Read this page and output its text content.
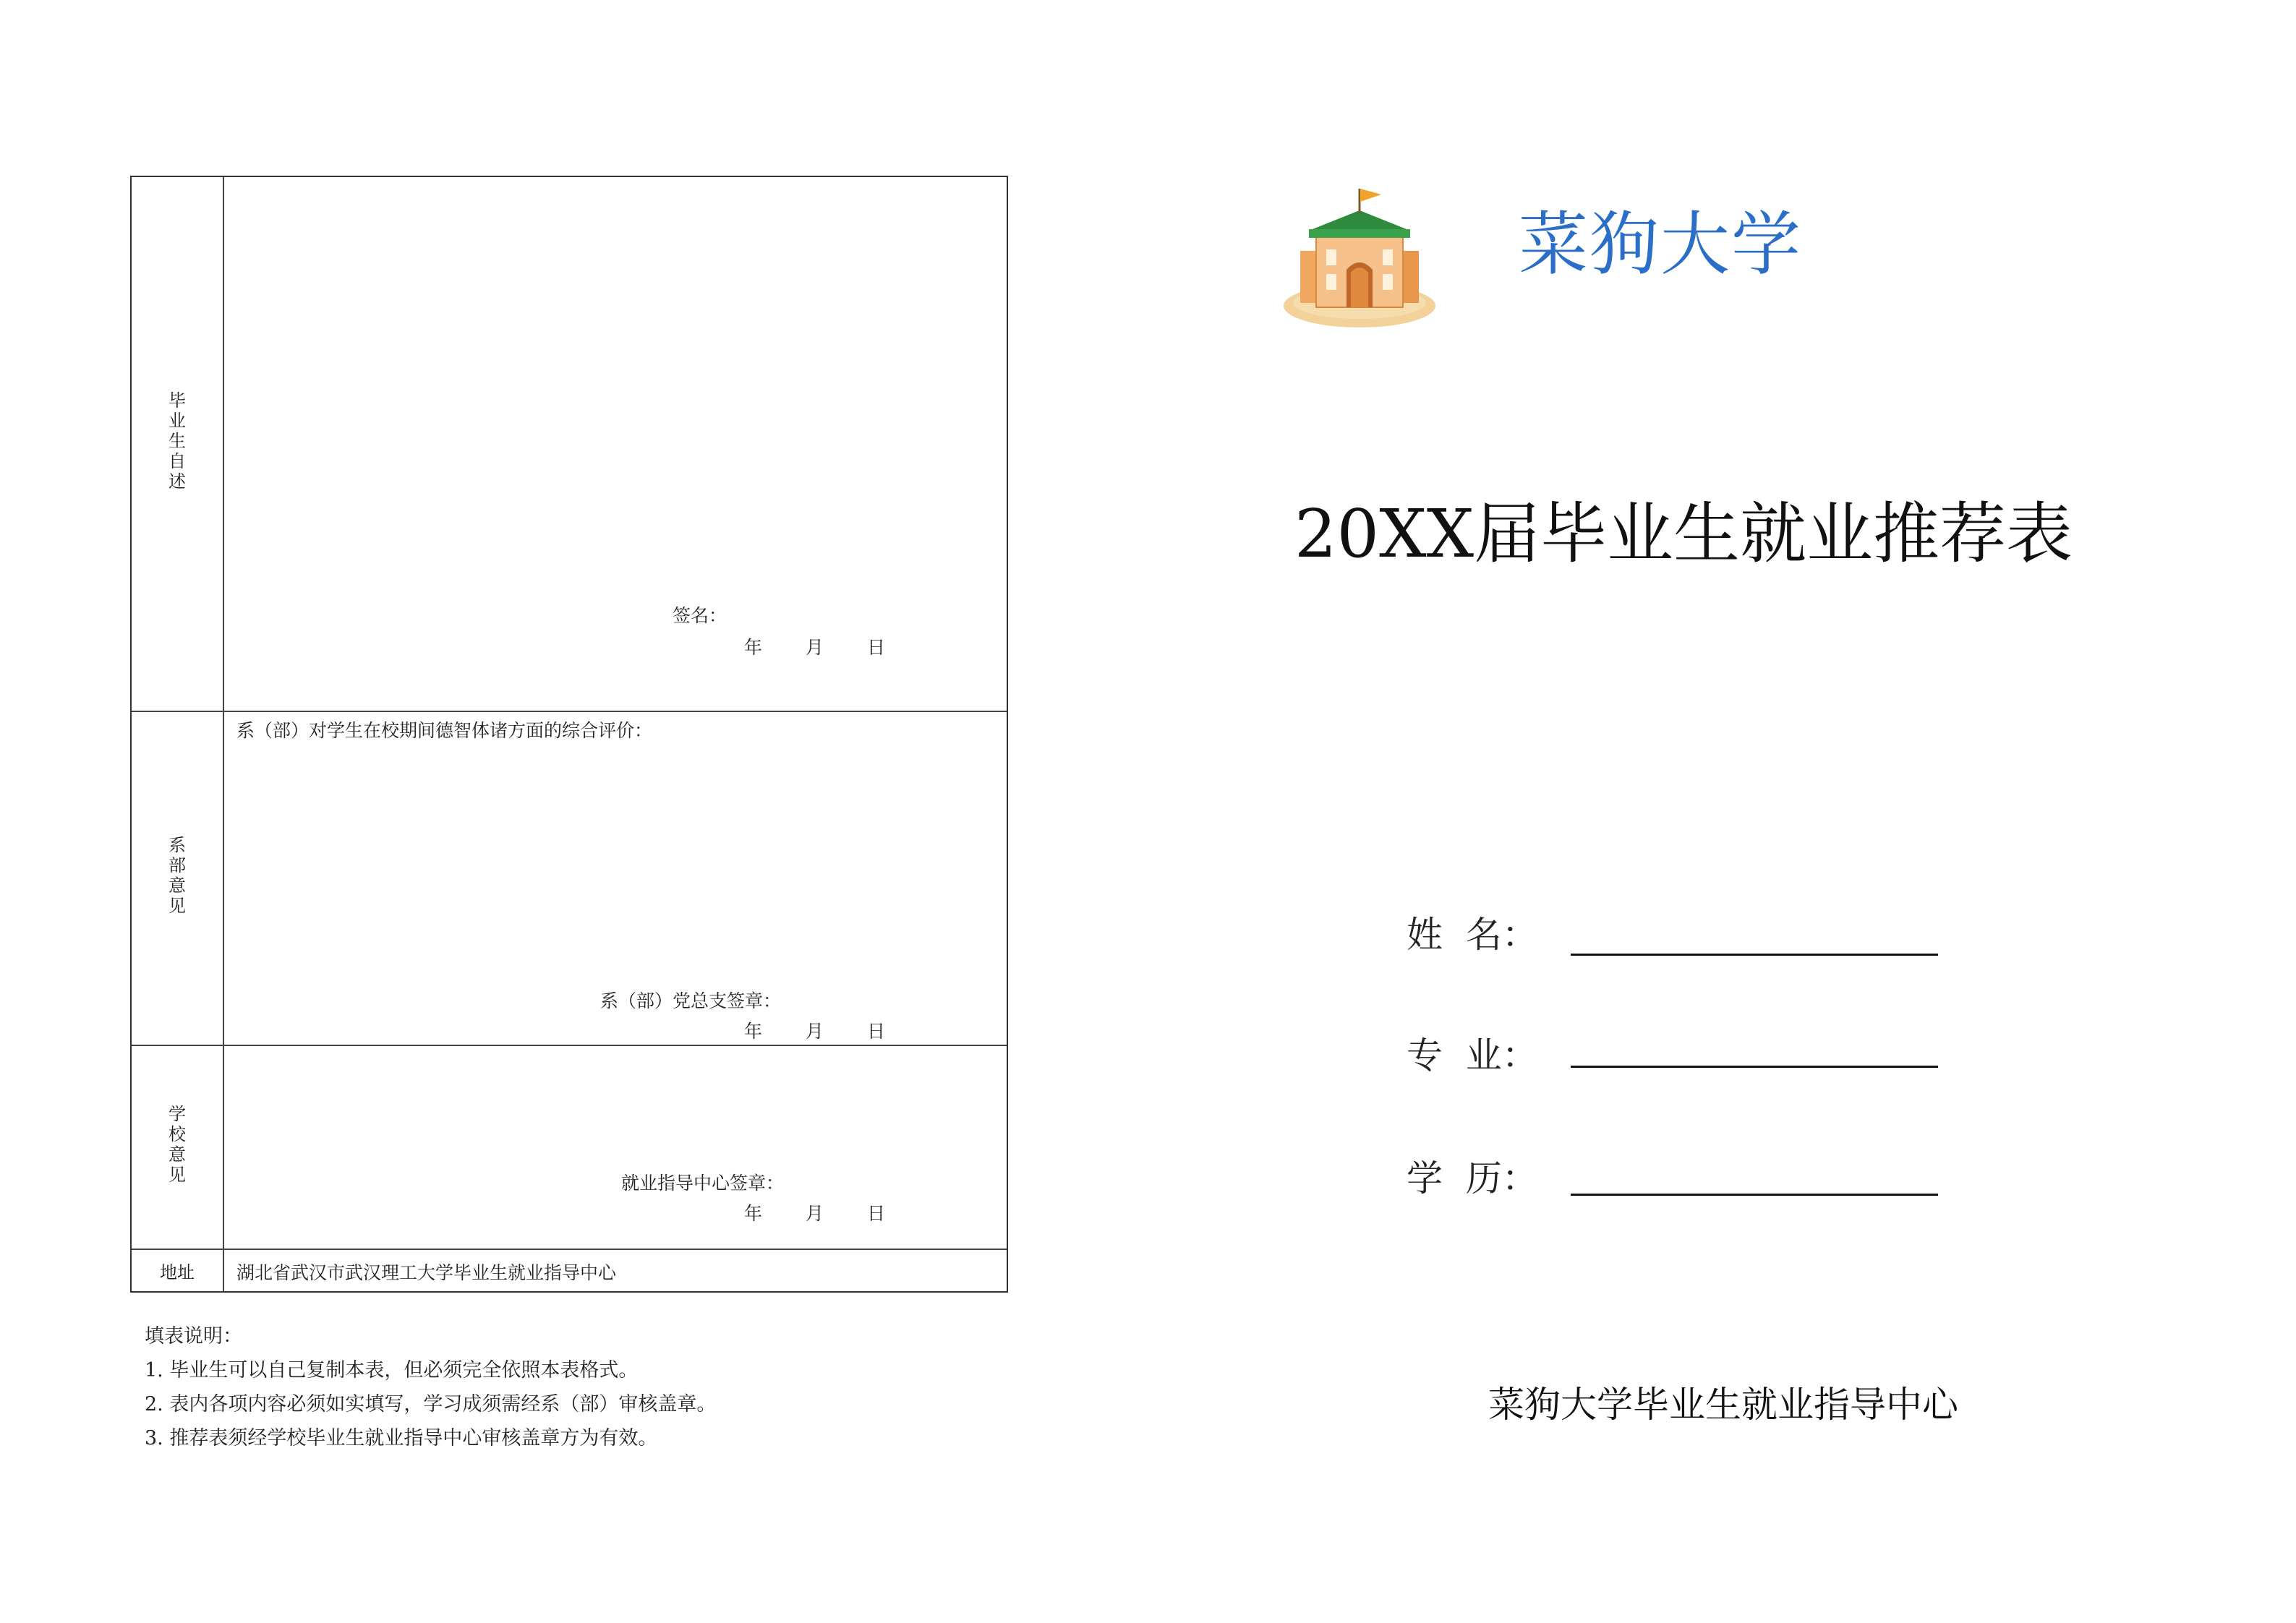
毕
业
生
自
述
签名：
年 月 日
系
部
意
见
系（部）对学生在校期间德智体诸方面的综合评价：
系（部）党总支签章：
年 月 日
学
校
意
见	就业指导中心签章：
年 月 日
地址	湖北省武汉市武汉理工大学毕业生就业指导中心
填表说明：
1. 毕业生可以自己复制本表，但必须完全依照本表格式。
2. 表内各项内容必须如实填写，学习成须需经系（部）审核盖章。
3. 推荐表须经学校毕业生就业指导中心审核盖章方为有效。
菜狗大学
20XX届毕业生就业推荐表
姓  名：
专  业：
学  历：
菜狗大学毕业生就业指导中心
